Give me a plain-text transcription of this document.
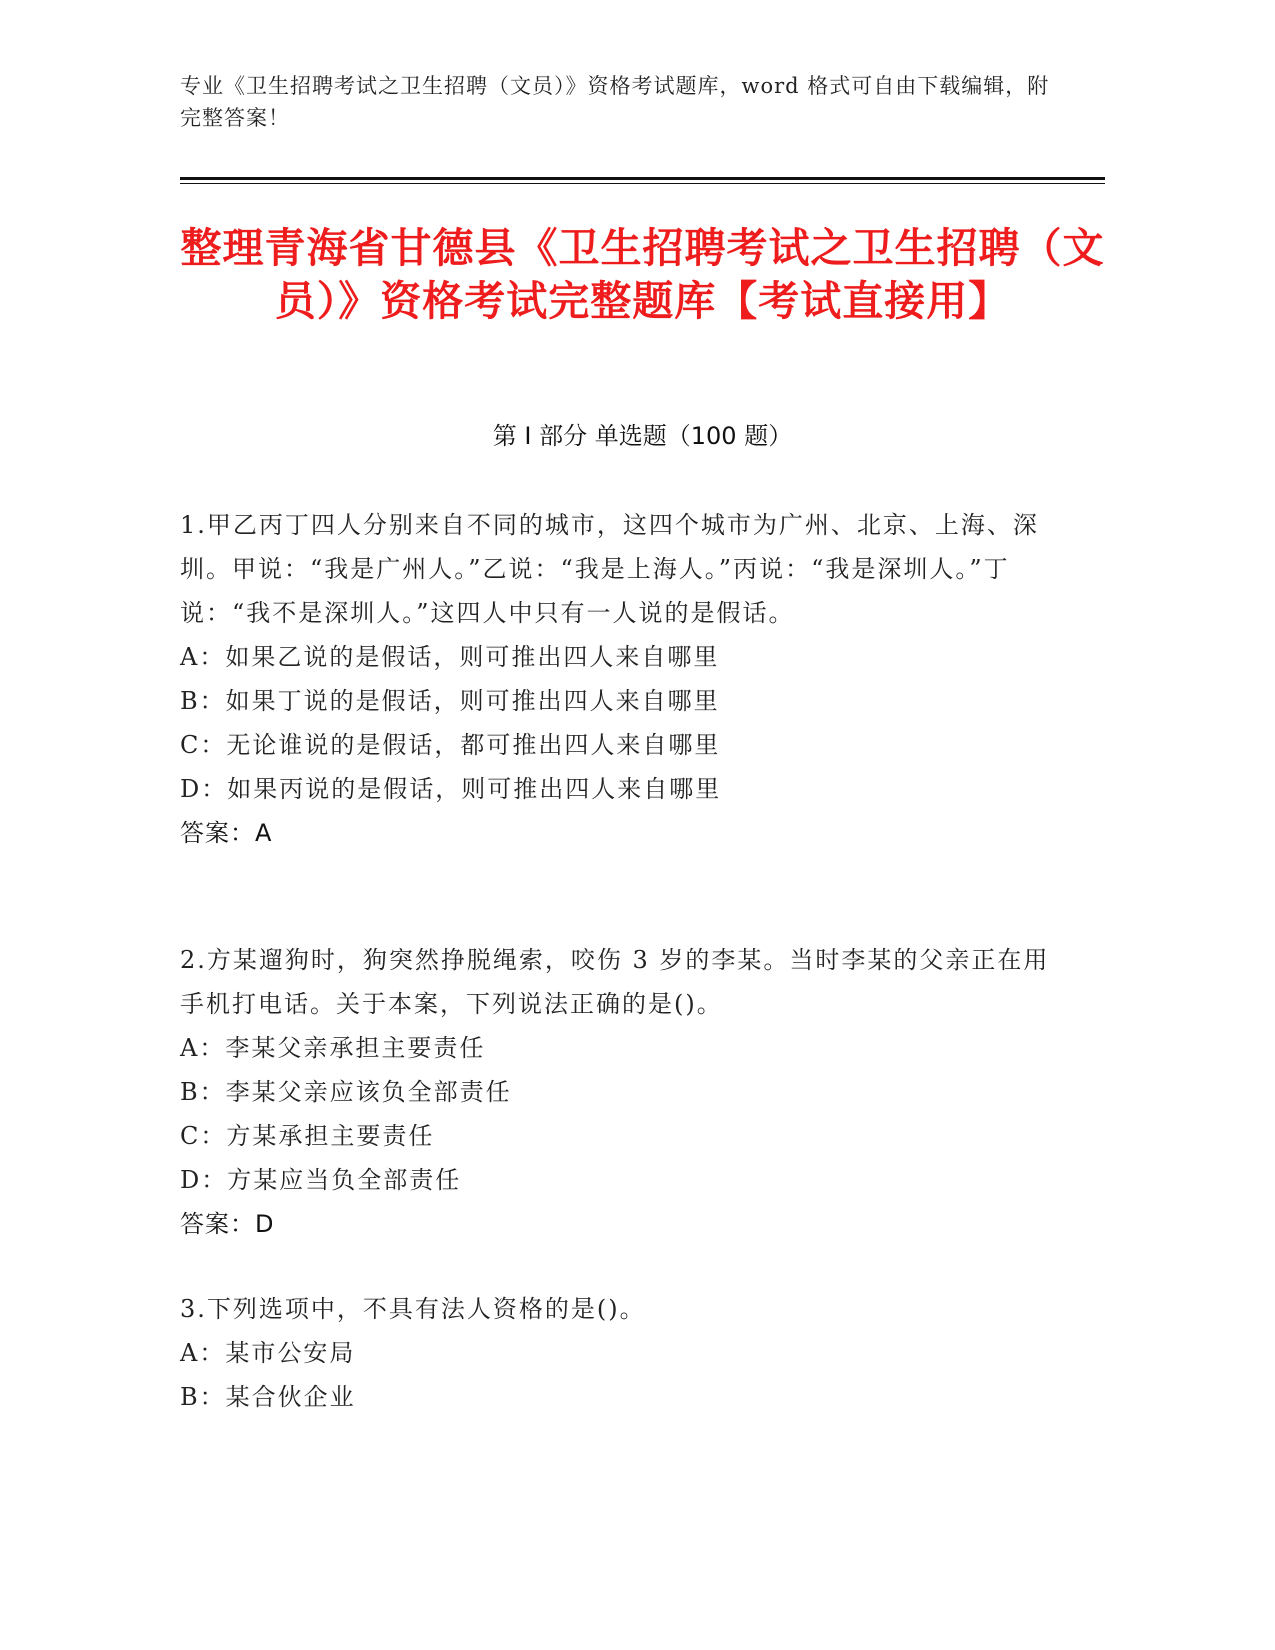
专业《卫生招聘考试之卫生招聘（文员）》资格考试题库，word 格式可自由下载编辑，附完整答案！
整理青海省甘德县《卫生招聘考试之卫生招聘（文员）》资格考试完整题库【考试直接用】
第 I 部分 单选题（100 题）

1.甲乙丙丁四人分别来自不同的城市，这四个城市为广州、北京、上海、深圳。甲说：“我是广州人。”乙说：“我是上海人。”丙说：“我是深圳人。”丁说：“我不是深圳人。”这四人中只有一人说的是假话。

A：如果乙说的是假话，则可推出四人来自哪里

B：如果丁说的是假话，则可推出四人来自哪里

C：无论谁说的是假话，都可推出四人来自哪里

D：如果丙说的是假话，则可推出四人来自哪里

答案：A

2.方某遛狗时，狗突然挣脱绳索，咬伤 3 岁的李某。当时李某的父亲正在用手机打电话。关于本案，下列说法正确的是()。

A：李某父亲承担主要责任

B：李某父亲应该负全部责任

C：方某承担主要责任

D：方某应当负全部责任

答案：D

3.下列选项中，不具有法人资格的是()。

A：某市公安局

B：某合伙企业
